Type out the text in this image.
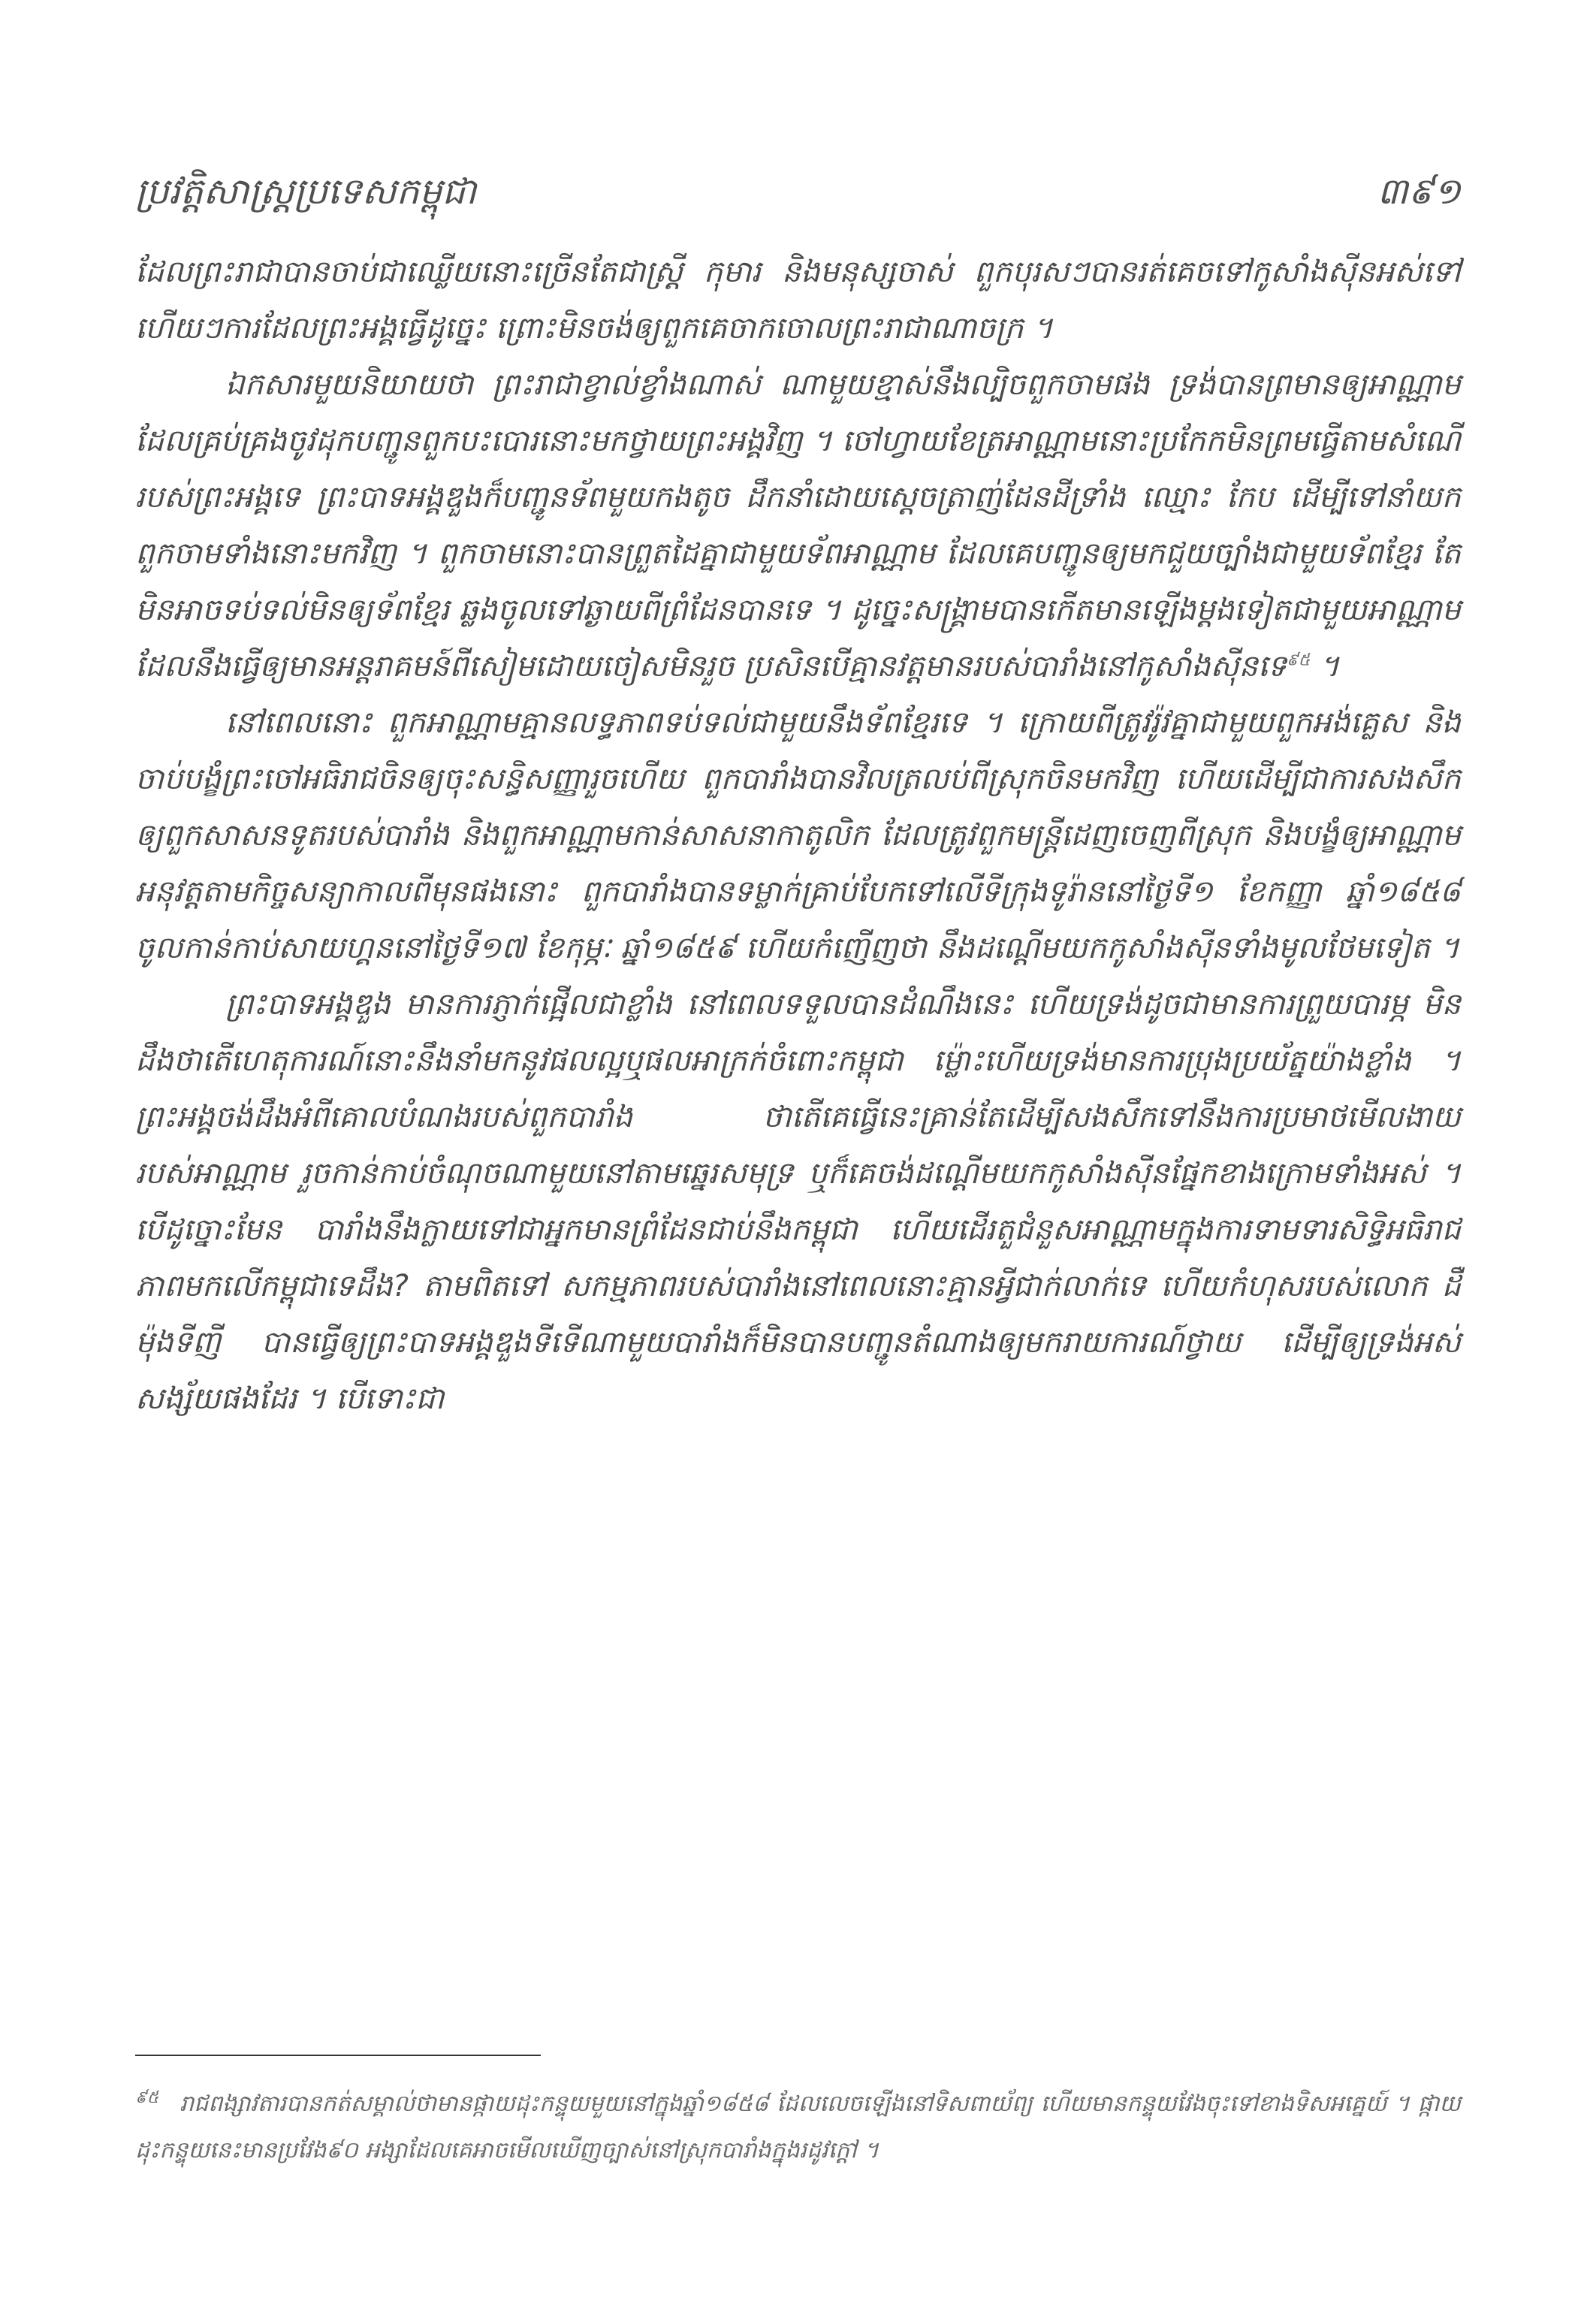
ប្រវត្តិសាស្ត្រប្រទេសកម្ពុជា	៣៩១

ដែលព្រះរាជាបានចាប់ជាឈ្លើយនោះច្រើនតែជាស្ត្រី កុមារ និងមនុស្សចាស់ ពួកបុរសៗបានរត់គេចទៅកូសាំងស៊ីនអស់ទៅហើយៗការដែលព្រះអង្គធ្វើដូច្នេះ ព្រោះមិនចង់ឲ្យពួកគេចាកចោលព្រះរាជាណាចក្រ ។

ឯកសារមួយនិយាយថា ព្រះរាជាខ្វាល់ខ្វាំងណាស់ ណាមួយខ្មាស់នឹងល្បិចពួកចាមផង ទ្រង់បានព្រមានឲ្យអាណ្ណាមដែលគ្រប់គ្រងចូវដុកបញ្ជូនពួកបះបោរនោះមកថ្វាយព្រះអង្គវិញ ។ ចៅហ្វាយខែត្រអាណ្ណាមនោះប្រកែកមិនព្រមធ្វើតាមសំណើរបស់ព្រះអង្គទេ ព្រះបាទអង្គឌួងក៏បញ្ជូនទ័ពមួយកងតូច ដឹកនាំដោយស្តេចត្រាញ់ដែនដីទ្រាំង ឈ្មោះ កែប ដើម្បីទៅនាំយកពួកចាមទាំងនោះមកវិញ ។ ពួកចាមនោះបានព្រួតដៃគ្នាជាមួយទ័ពអាណ្ណាម ដែលគេបញ្ជូនឲ្យមកជួយច្បាំងជាមួយទ័ពខ្មែរ តែមិនអាចទប់ទល់មិនឲ្យទ័ពខ្មែរ ឆ្លងចូលទៅឆ្ងាយពីព្រំដែនបានទេ ។ ដូច្នេះសង្គ្រាមបានកើតមានឡើងម្តងទៀតជាមួយអាណ្ណាម ដែលនឹងធ្វើឲ្យមានអន្តរាគមន៍ពីសៀមដោយចៀសមិនរួច ប្រសិនបើគ្មានវត្តមានរបស់បារាំងនៅកូសាំងស៊ីនទេ$^{៩៥}$ ។

នៅពេលនោះ ពួកអាណ្ណាមគ្មានលទ្ធភាពទប់ទល់ជាមួយនឹងទ័ពខ្មែរទេ ។ ក្រោយពីត្រូវរ៉ូវគ្នាជាមួយពួកអង់គ្លេស និងចាប់បង្ខំព្រះចៅអធិរាជចិនឲ្យចុះសន្ធិសញ្ញារួចហើយ ពួកបារាំងបានវិលត្រលប់ពីស្រុកចិនមកវិញ ហើយដើម្បីជាការសងសឹកឲ្យពួកសាសនទូតរបស់បារាំង និងពួកអាណ្ណាមកាន់សាសនាកាតូលិក ដែលត្រូវពួកមន្ត្រីដេញចេញពីស្រុក និងបង្ខំឲ្យអាណ្ណាមអនុវត្តតាមកិច្ចសន្យាកាលពីមុនផងនោះ ពួកបារាំងបានទម្លាក់គ្រាប់បែកទៅលើទីក្រុងទូរ៉ាននៅថ្ងៃទី១ ខែកញ្ញា ឆ្នាំ១៨៥៨ ចូលកាន់កាប់សាយហ្គននៅថ្ងៃទី១៧ ខែកុម្ភៈ ឆ្នាំ១៨៥៩ ហើយកំញើញថា នឹងដណ្តើមយកកូសាំងស៊ីនទាំងមូលថែមទៀត ។

ព្រះបាទអង្គឌួង មានការភ្ញាក់ផ្អើលជាខ្លាំង នៅពេលទទួលបានដំណឹងនេះ ហើយទ្រង់ដូចជាមានការព្រួយបារម្ភ មិនដឹងថាតើហេតុការណ៍នោះនឹងនាំមកនូវផលល្អឬផលអាក្រក់ចំពោះកម្ពុជា ម្ល៉ោះហើយទ្រង់មានការប្រុងប្រយ័ត្នយ៉ាងខ្លាំង ។ ព្រះអង្គចង់ដឹងអំពីគោលបំណងរបស់ពួកបារាំង ថាតើគេធ្វើនេះគ្រាន់តែដើម្បីសងសឹកទៅនឹងការប្រមាថមើលងាយរបស់អាណ្ណាម រួចកាន់កាប់ចំណុចណាមួយនៅតាមឆ្នេរសមុទ្រ ឬក៏គេចង់ដណ្តើមយកកូសាំងស៊ីនផ្នែកខាងក្រោមទាំងអស់ ។ បើដូច្នោះមែន បារាំងនឹងក្លាយទៅជាអ្នកមានព្រំដែនជាប់នឹងកម្ពុជា ហើយដើរតួជំនួសអាណ្ណាមក្នុងការទាមទារសិទ្ធិអធិរាជភាពមកលើកម្ពុជាទេដឹង? តាមពិតទៅ សកម្មភាពរបស់បារាំងនៅពេលនោះគ្មានអ្វីជាក់លាក់ទេ ហើយកំហុសរបស់លោក ដឺម៉ុងទីញី បានធ្វើឲ្យព្រះបាទអង្គឌួងទីទើណាមួយបារាំងក៏មិនបានបញ្ជូនតំណាងឲ្យមករាយការណ៍ថ្វាយ ដើម្បីឲ្យទ្រង់អស់សង្ស័យផងដែរ ។ បើទោះជា

$^{៩៥}$ រាជពង្សាវតារបានកត់សម្គាល់ថាមានផ្កាយដុះកន្ទុយមួយនៅក្នុងឆ្នាំ១៨៥៨ ដែលលេចឡើងនៅទិសពាយ័ព្យ ហើយមានកន្ទុយវែងចុះទៅខាងទិសអគ្នេយ៍ ។ ផ្កាយដុះកន្ទុយនេះមានប្រវែង៩០ អង្សាដែលគេអាចមើលឃើញច្បាស់នៅស្រុកបារាំងក្នុងរដូវក្តៅ ។
